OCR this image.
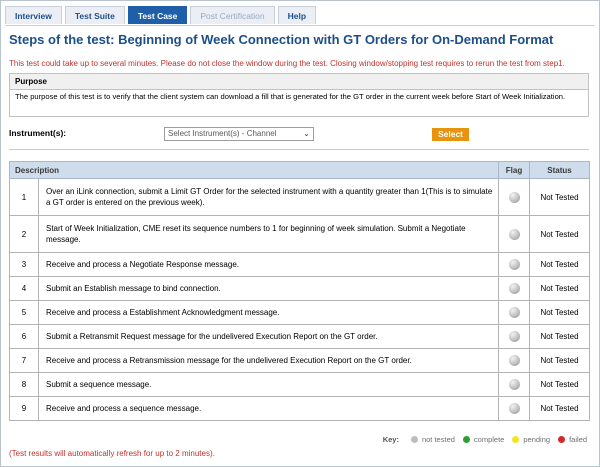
Interview	Test Suite	Test Case	Post Certification	Help
Steps of the test: Beginning of Week Connection with GT Orders for On-Demand Format
This test could take up to several minutes. Please do not close the window during the test. Closing window/stopping test requires to rerun the test from step1.
Purpose
The purpose of this test is to verify that the client system can download a fill that is generated for the GT order in the current week before Start of Week Initialization.
Instrument(s):	Select Instrument(s) - Channel	⌄	Select
Description		Flag	Status
1	Over an iLink connection, submit a Limit GT Order for the selected instrument with a quantity greater than 1(This is to simulate a GT order is entered on the previous week).		Not Tested
2	Start of Week Initialization, CME reset its sequence numbers to 1 for beginning of week simulation. Submit a Negotiate message.		Not Tested
3	Receive and process a Negotiate Response message.		Not Tested
4	Submit an Establish message to bind connection.		Not Tested
5	Receive and process a Establishment Acknowledgment message.		Not Tested
6	Submit a Retransmit Request message for the undelivered Execution Report on the GT order.		Not Tested
7	Receive and process a Retransmission message for the undelivered Execution Report on the GT order.		Not Tested
8	Submit a sequence message.		Not Tested
9	Receive and process a sequence message.		Not Tested
Key:	not tested	complete	pending	failed
(Test results will automatically refresh for up to 2 minutes).
